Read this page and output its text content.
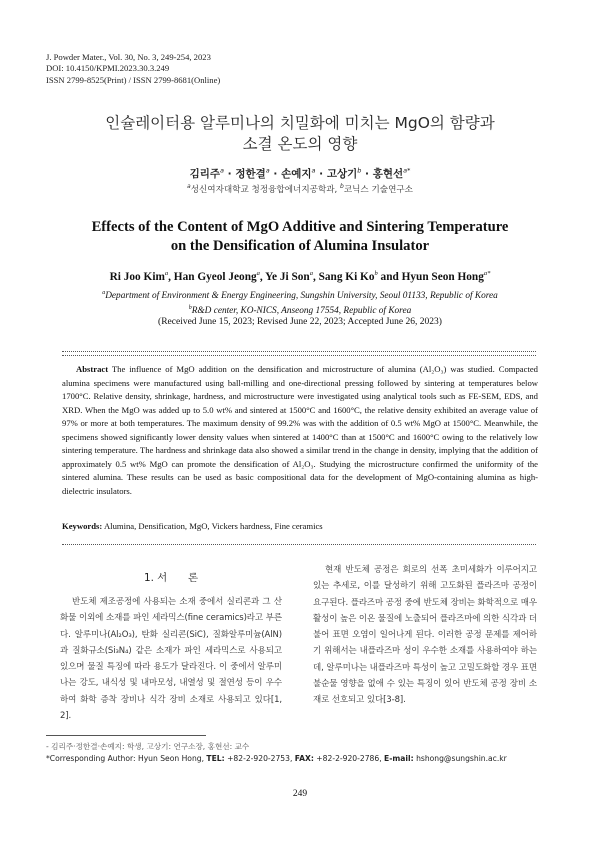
J. Powder Mater., Vol. 30, No. 3, 249-254, 2023
DOI: 10.4150/KPMI.2023.30.3.249
ISSN 2799-8525(Print) / ISSN 2799-8681(Online)
인슐레이터용 알루미나의 치밀화에 미치는 MgO의 함량과
소결 온도의 영향
김리주$^a$ · 정한결$^a$ · 손예지$^a$ · 고상기$^b$ · 홍현선$^{a*}$
$^a$성신여자대학교 청정융합에너지공학과, $^b$코닉스 기술연구소
Effects of the Content of MgO Additive and Sintering Temperature
on the Densification of Alumina Insulator
Ri Joo Kim$^a$, Han Gyeol Jeong$^a$, Ye Ji Son$^a$, Sang Ki Ko$^b$ and Hyun Seon Hong$^{a*}$
$^a$Department of Environment & Energy Engineering, Sungshin University, Seoul 01133, Republic of Korea
$^b$R&D center, KO-NICS, Anseong 17554, Republic of Korea
(Received June 15, 2023; Revised June 22, 2023; Accepted June 26, 2023)
Abstract The influence of MgO addition on the densification and microstructure of alumina (Al₂O₃) was studied. Compacted alumina specimens were manufactured using ball-milling and one-directional pressing followed by sintering at temperatures below 1700°C. Relative density, shrinkage, hardness, and microstructure were investigated using analytical tools such as FE-SEM, EDS, and XRD. When the MgO was added up to 5.0 wt% and sintered at 1500°C and 1600°C, the relative density exhibited an average value of 97% or more at both temperatures. The maximum density of 99.2% was with the addition of 0.5 wt% MgO at 1500°C. Meanwhile, the specimens showed significantly lower density values when sintered at 1400°C than at 1500°C and 1600°C owing to the relatively low sintering temperature. The hardness and shrinkage data also showed a similar trend in the change in density, implying that the addition of approximately 0.5 wt% MgO can promote the densification of Al₂O₃. Studying the microstructure confirmed the uniformity of the sintered alumina. These results can be used as basic compositional data for the development of MgO-containing alumina as high-dielectric insulators.
Keywords: Alumina, Densification, MgO, Vickers hardness, Fine ceramics
1. 서　　론

반도체 제조공정에 사용되는 소재 중에서 실리콘과 그 산화물 이외에 소재를 파인 세라믹스(fine ceramics)라고 부른다. 알루미나(Al₂O₃), 탄화 실리콘(SiC), 질화알루미늄(AlN)과 질화규소(Si₃N₄) 같은 소재가 파인 세라믹스로 사용되고 있으며 물질 특징에 따라 용도가 달라진다. 이 중에서 알루미나는 강도, 내식성 및 내마모성, 내열성 및 절연성 등이 우수하여 화학 증착 장비나 식각 장비 소재로 사용되고 있다[1, 2].

현재 반도체 공정은 회로의 선폭 초미세화가 이루어지고 있는 추세로, 이를 달성하기 위해 고도화된 플라즈마 공정이 요구된다. 플라즈마 공정 중에 반도체 장비는 화학적으로 매우 활성이 높은 이온 물질에 노출되어 플라즈마에 의한 식각과 더불어 표면 오염이 일어나게 된다. 이러한 공정 문제를 제어하기 위해서는 내플라즈마 성이 우수한 소재를 사용하여야 하는데, 알루미나는 내플라즈마 특성이 높고 고밀도화할 경우 표면 불순물 영향을 없애 수 있는 특징이 있어 반도체 공정 장비 소재로 선호되고 있다[3-8].

- 김리주·정한결·손예지: 학생, 고상기: 연구소장, 홍현선: 교수
*Corresponding Author: Hyun Seon Hong, TEL: +82-2-920-2753, FAX: +82-2-920-2786, E-mail: hshong@sungshin.ac.kr
249
